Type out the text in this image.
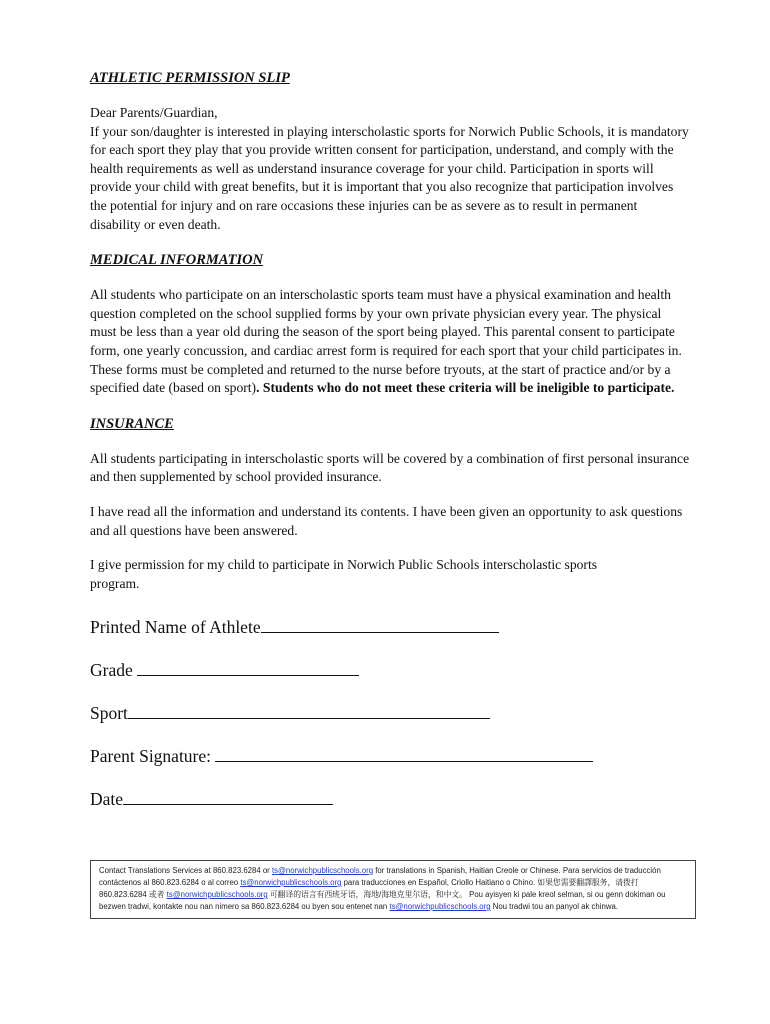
ATHLETIC PERMISSION SLIP

Dear Parents/Guardian,

If your son/daughter is interested in playing interscholastic sports for Norwich Public Schools, it is mandatory for each sport they play that you provide written consent for participation, understand, and comply with the health requirements as well as understand insurance coverage for your child. Participation in sports will provide your child with great benefits, but it is important that you also recognize that participation involves the potential for injury and on rare occasions these injuries can be as severe as to result in permanent disability or even death.

MEDICAL INFORMATION

All students who participate on an interscholastic sports team must have a physical examination and health question completed on the school supplied forms by your own private physician every year. The physical must be less than a year old during the season of the sport being played. This parental consent to participate form, one yearly concussion, and cardiac arrest form is required for each sport that your child participates in. These forms must be completed and returned to the nurse before tryouts, at the start of practice and/or by a specified date (based on sport). Students who do not meet these criteria will be ineligible to participate.

INSURANCE

All students participating in interscholastic sports will be covered by a combination of first personal insurance and then supplemented by school provided insurance.

I have read all the information and understand its contents. I have been given an opportunity to ask questions and all questions have been answered.

I give permission for my child to participate in Norwich Public Schools interscholastic sports program.

Printed Name of Athlete

Grade

Sport

Parent Signature:

Date

Contact Translations Services at 860.823.6284 or ts@norwichpublicschools.org for translations in Spanish, Haitian Creole or Chinese. Para servicios de traducción contáctenos al 860.823.6284 o al correo ts@norwichpublicschools.org para traducciones en Español, Criollo Haitiano o Chino. 如果您需要翻譯服务，请拨打 860.823.6284 或者 ts@norwichpublicschools.org 可翻译的语言有西班牙语，海地/海地克里尔语，和中文。 Pou ayisyen ki pale kreol selman, si ou genn dokiman ou bezwen tradwi, kontakte nou nan nimero sa 860.823.6284 ou byen sou entenet nan ts@norwichpublicschools.org Nou tradwi tou an panyol ak chinwa.
